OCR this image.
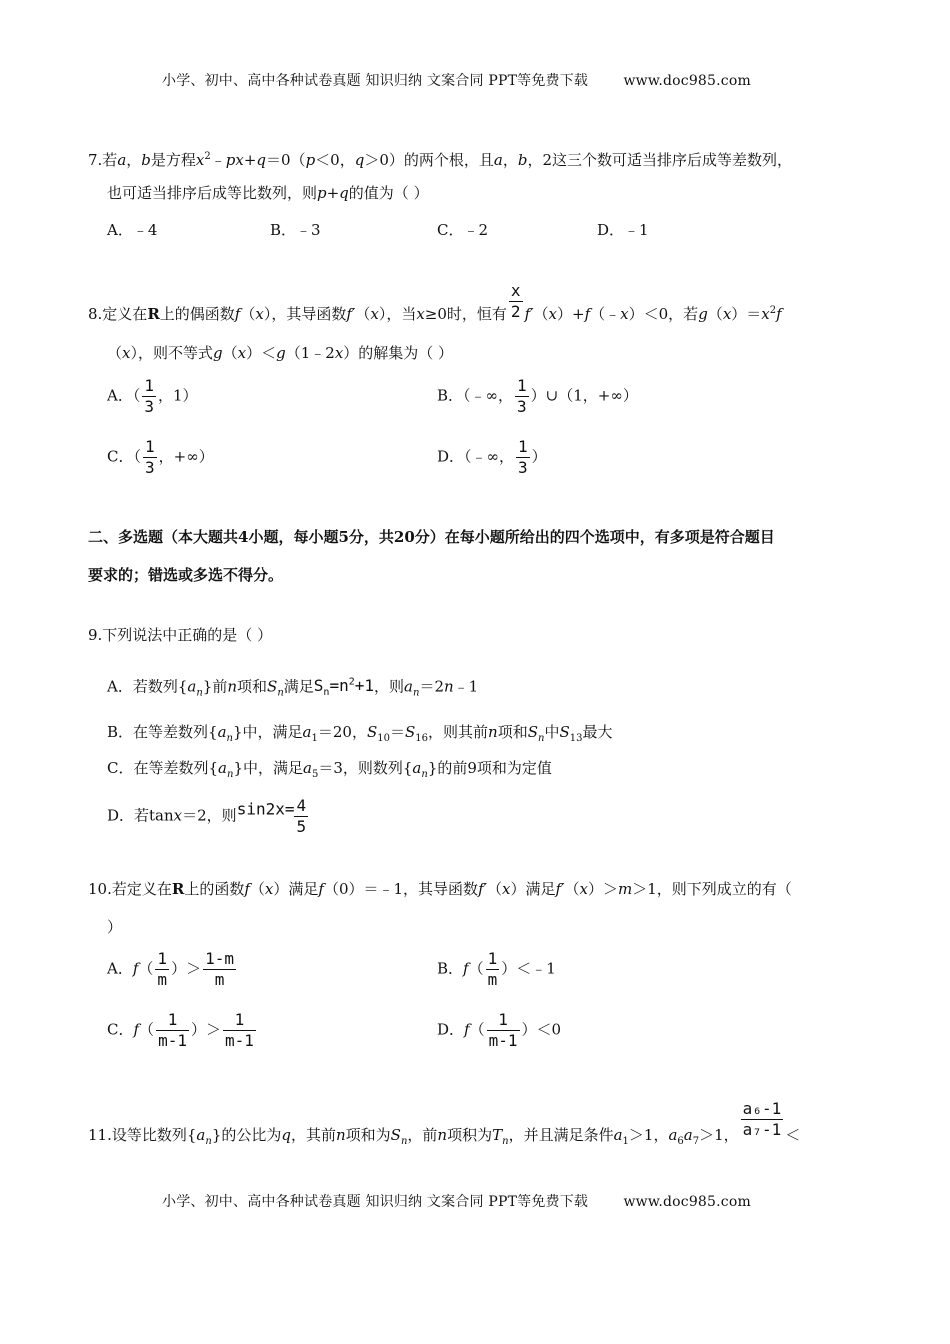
小学、初中、高中各种试卷真题 知识归纳 文案合同 PPT等免费下载	www.doc985.com
7.若a，b是方程$x^2﹣px+q=0(p<0$，q＞0）的两个根，且a，b，2这三个数可适当排序后成等差数列，
也可适当排序后成等比数列，则p+q的值为（ ）
A．﹣4	B．﹣3	C．﹣2	D．﹣1
8.定义在R上的偶函数f（x），其导函数f′（x），当x≥0时，恒有 $\frac{x}{2}$ f′（x）+f（﹣x）＜0，若$g(x)=x^2f$
（x），则不等式g（x）＜g（1﹣2x）的解集为（ ）
A．（ $\frac{1}{3}$ ，1）	B．（﹣∞， $\frac{1}{3}$ ）∪（1，+∞）
C．（ $\frac{1}{3}$ ，+∞）	D．（﹣∞， $\frac{1}{3}$ ）
二、多选题（本大题共4小题，每小题5分，共20分）在每小题所给出的四个选项中，有多项是符合题目
要求的；错选或多选不得分。
9.下列说法中正确的是（ ）
A．若数列$\{a_n\}$前n项和$S_n$满足$S_n=n^2+1$，则$a_n=2n﹣1$
B．在等差数列$\{a_n\}$中，满足$a_1=20$，$S_{10}=S_{16}$，则其前n项和$S_n$中$S_{13}$最大
C．在等差数列$\{a_n\}$中，满足$a_5=3$，则数列$\{a_n\}$的前9项和为定值
D．若tanx＝2，则$\sin 2x= \frac{4}{5}$
10.若定义在R上的函数f（x）满足f（0）＝﹣1，其导函数f′（x）满足f′（x）＞m＞1，则下列成立的有（
）
A．$f( \frac{1}{m}$ ）＞ $\frac{1-m}{m}$	B．$f( \frac{1}{m}$ ）＜﹣1
C．$f( \frac{1}{m-1}$ ）＞ $\frac{1}{m-1}$	D．$f( \frac{1}{m-1} )<0$
11.设等比数列$\{a_n\}$的公比为q，其前n项和为$S_n$，前n项积为$T_n$，并且满足条件$a_1>1$，$a_6a_7>1$， $\frac{\text{a₆-1}}{\text{a₇-1}}$ ＜
小学、初中、高中各种试卷真题 知识归纳 文案合同 PPT等免费下载	www.doc985.com
